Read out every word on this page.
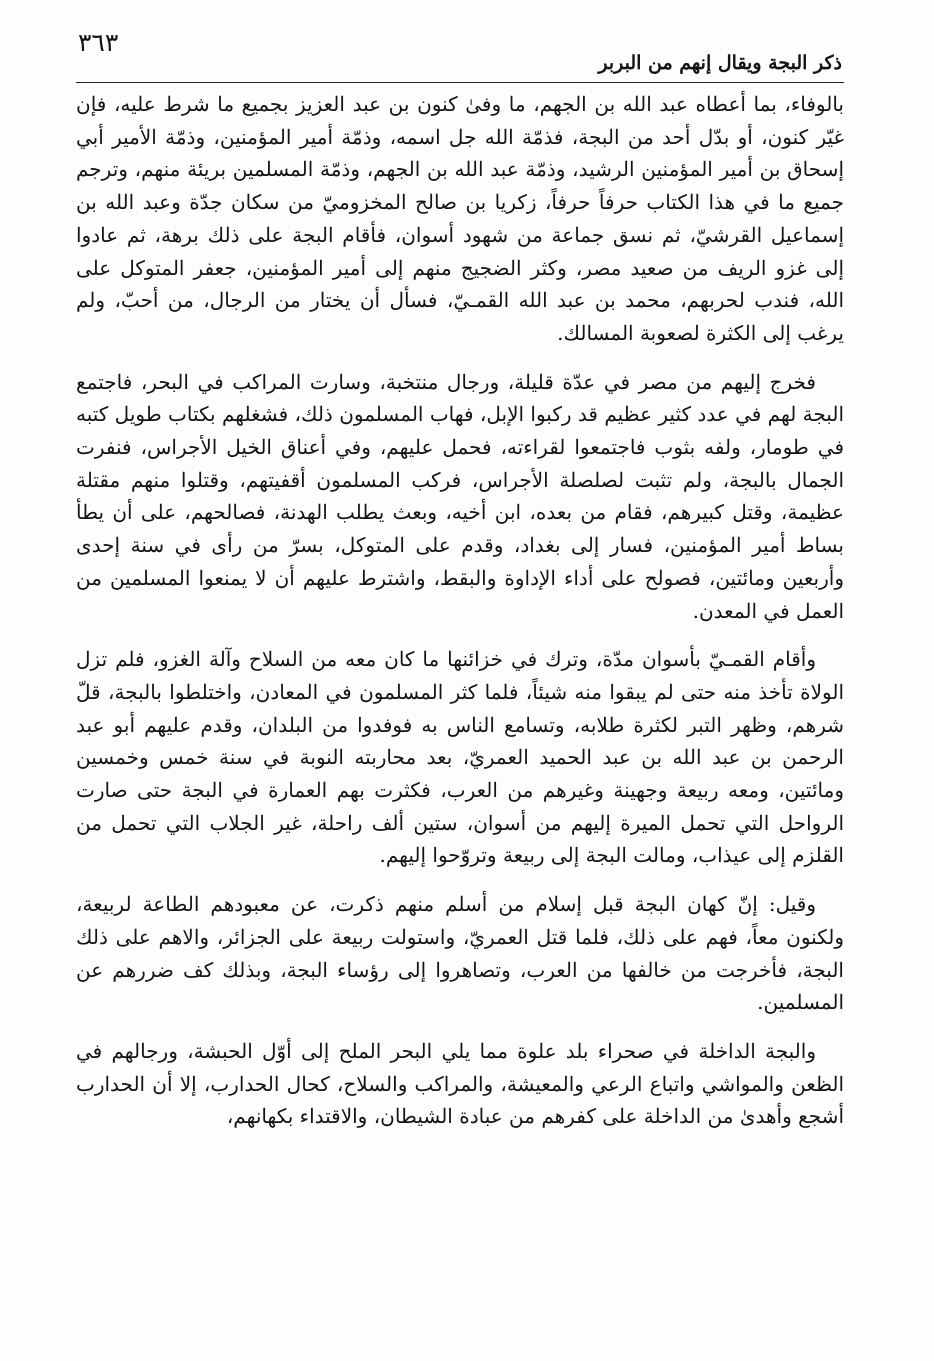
٣٦٣
ذكر البجة ويقال إنهم من البربر

بالوفاء، بما أعطاه عبد الله بن الجهم، ما وفىٰ كنون بن عبد العزيز بجميع ما شرط عليه، فإن غيّر كنون، أو بدّل أحد من البجة، فذمّة الله جل اسمه، وذمّة أمير المؤمنين، وذمّة الأمير أبي إسحاق بن أمير المؤمنين الرشيد، وذمّة عبد الله بن الجهم، وذمّة المسلمين بريئة منهم، وترجم جميع ما في هذا الكتاب حرفاً حرفاً، زكريا بن صالح المخزوميّ من سكان جدّة وعبد الله بن إسماعيل القرشيّ، ثم نسق جماعة من شهود أسوان، فأقام البجة على ذلك برهة، ثم عادوا إلى غزو الريف من صعيد مصر، وكثر الضجيج منهم إلى أمير المؤمنين، جعفر المتوكل على الله، فندب لحربهم، محمد بن عبد الله القمـيّ، فسأل أن يختار من الرجال، من أحبّ، ولم يرغب إلى الكثرة لصعوبة المسالك.

فخرج إليهم من مصر في عدّة قليلة، ورجال منتخبة، وسارت المراكب في البحر، فاجتمع البجة لهم في عدد كثير عظيم قد ركبوا الإبل، فهاب المسلمون ذلك، فشغلهم بكتاب طويل كتبه في طومار، ولفه بثوب فاجتمعوا لقراءته، فحمل عليهم، وفي أعناق الخيل الأجراس، فنفرت الجمال بالبجة، ولم تثبت لصلصلة الأجراس، فركب المسلمون أقفيتهم، وقتلوا منهم مقتلة عظيمة، وقتل كبيرهم، فقام من بعده، ابن أخيه، وبعث يطلب الهدنة، فصالحهم، على أن يطأ بساط أمير المؤمنين، فسار إلى بغداد، وقدم على المتوكل، بسرّ من رأى في سنة إحدى وأربعين ومائتين، فصولح على أداء الإداوة والبقط، واشترط عليهم أن لا يمنعوا المسلمين من العمل في المعدن.

وأقام القمـيّ بأسوان مدّة، وترك في خزائنها ما كان معه من السلاح وآلة الغزو، فلم تزل الولاة تأخذ منه حتى لم يبقوا منه شيئاً، فلما كثر المسلمون في المعادن، واختلطوا بالبجة، قلّ شرهم، وظهر التبر لكثرة طلابه، وتسامع الناس به فوفدوا من البلدان، وقدم عليهم أبو عبد الرحمن بن عبد الله بن عبد الحميد العمريّ، بعد محاربته النوبة في سنة خمس وخمسين ومائتين، ومعه ربيعة وجهينة وغيرهم من العرب، فكثرت بهم العمارة في البجة حتى صارت الرواحل التي تحمل الميرة إليهم من أسوان، ستين ألف راحلة، غير الجلاب التي تحمل من القلزم إلى عيذاب، ومالت البجة إلى ربيعة وتروّحوا إليهم.

وقيل: إنّ كهان البجة قبل إسلام من أسلم منهم ذكرت، عن معبودهم الطاعة لربيعة، ولكنون معاً، فهم على ذلك، فلما قتل العمريّ، واستولت ربيعة على الجزائر، والاهم على ذلك البجة، فأخرجت من خالفها من العرب، وتصاهروا إلى رؤساء البجة، وبذلك كف ضررهم عن المسلمين.

والبجة الداخلة في صحراء بلد علوة مما يلي البحر الملح إلى أوّل الحبشة، ورجالهم في الظعن والمواشي واتباع الرعي والمعيشة، والمراكب والسلاح، كحال الحدارب، إلا أن الحدارب أشجع وأهدىٰ من الداخلة على كفرهم من عبادة الشيطان، والاقتداء بكهانهم،
